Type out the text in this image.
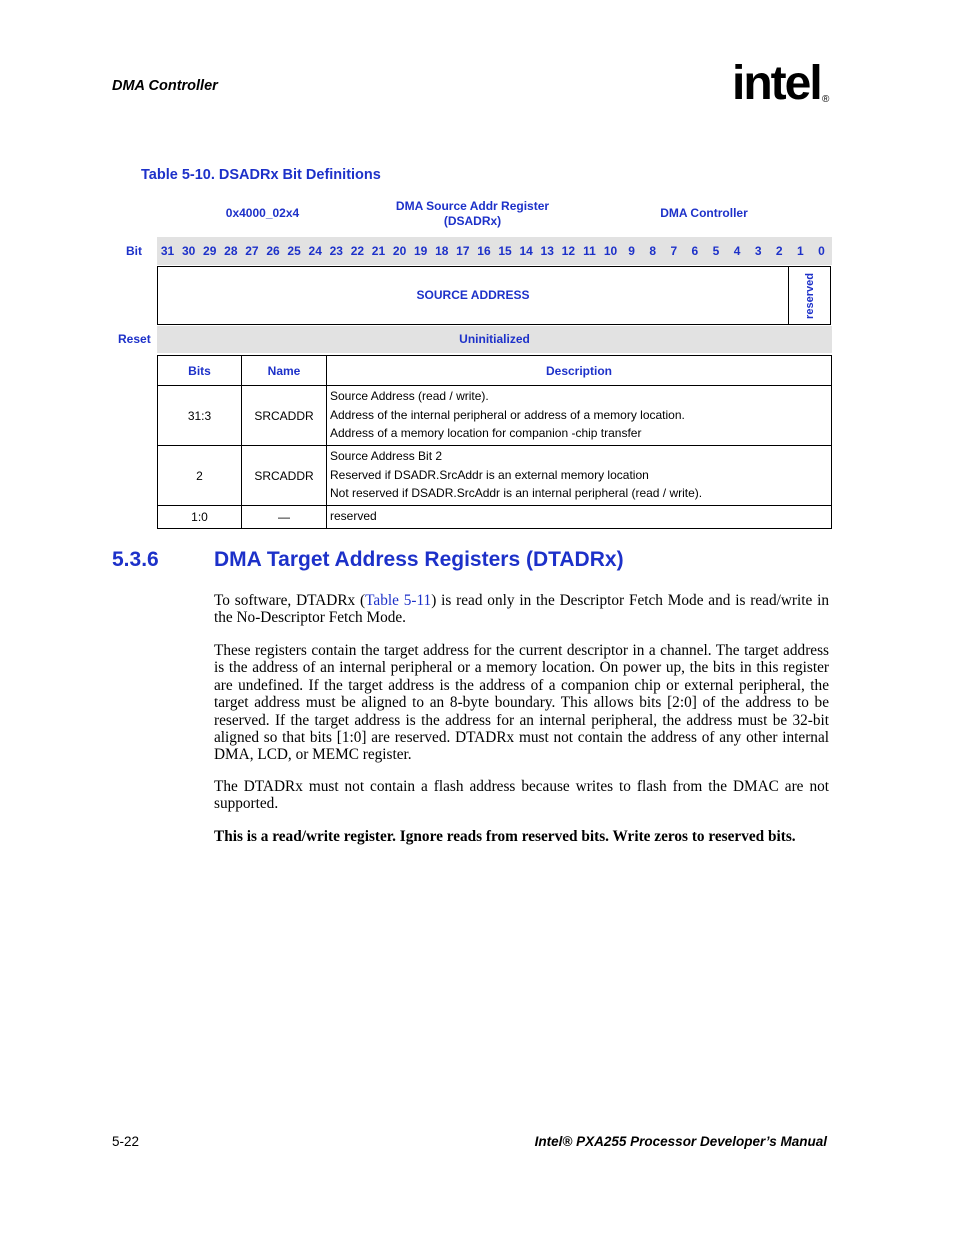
DMA Controller	intel ®
Table 5-10. DSADRx Bit Definitions
0x4000_02x4	DMA Source Addr Register
(DSADRx)
DMA Controller
Bit	31 30 29 28 27 26 25 24 23 22 21 20 19 18 17 16 15 14 13 12 11 10 9	8	7	6	5	4	3	2	1	0
SOURCE ADDRESS	reserved
Reset	Uninitialized
Bits	Name	Description
31:3	SRCADDR	Source Address (read / write).
Address of the internal peripheral or address of a memory location.
Address of a memory location for companion -chip transfer

2	SRCADDR	Source Address Bit 2
Reserved if DSADR.SrcAddr is an external memory location
Not reserved if DSADR.SrcAddr is an internal peripheral (read / write).

1:0	—	reserved
5.3.6	DMA Target Address Registers (DTADRx)
To software, DTADRx (Table 5-11) is read only in the Descriptor Fetch Mode and is read/write in the No-Descriptor Fetch Mode.
These registers contain the target address for the current descriptor in a channel. The target address is the address of an internal peripheral or a memory location. On power up, the bits in this register are undefined. If the target address is the address of a companion chip or external peripheral, the target address must be aligned to an 8-byte boundary. This allows bits [2:0] of the address to be reserved. If the target address is the address for an internal peripheral, the address must be 32-bit aligned so that bits [1:0] are reserved. DTADRx must not contain the address of any other internal DMA, LCD, or MEMC register.
The DTADRx must not contain a flash address because writes to flash from the DMAC are not supported.
This is a read/write register. Ignore reads from reserved bits. Write zeros to reserved bits.
5-22	Intel® PXA255 Processor Developer’s Manual
